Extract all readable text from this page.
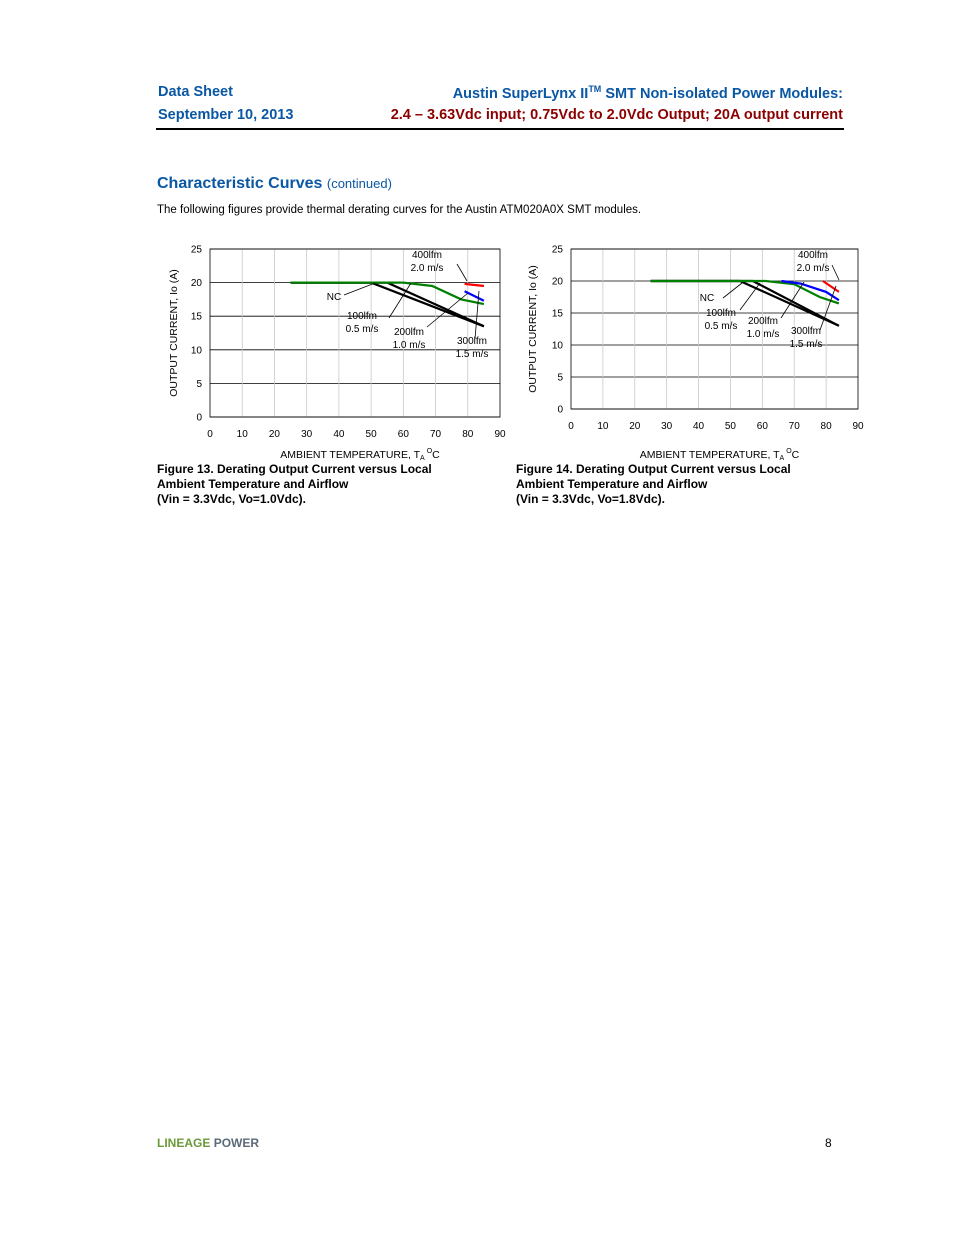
Data Sheet
September 10, 2013
Austin SuperLynx II™ SMT Non-isolated Power Modules:
2.4 – 3.63Vdc input; 0.75Vdc to 2.0Vdc Output; 20A output current
Characteristic Curves (continued)
The following figures provide thermal derating curves for the Austin ATM020A0X SMT modules.
0
5
10
15
20
25
0 10 20 30 40 50 60 70 80 90
400lfm
2.0 m/s
NC
100lfm
0.5 m/s 200lfm
1.0 m/s	300lfm
1.5 m/s
OUTPUT CURRENT, Io (A)
AMBIENT TEMPERATURE, $TA^OC$
0
5
10
15
20
25
0 10 20 30 40 50 60 70 80 90
400lfm
2.0 m/s
NC
100lfm
0.5 m/s 200lfm
1.0 m/s 300lfm
1.5 m/s
OUTPUT CURRENT, Io (A)
AMBIENT TEMPERATURE, $TA^OC$
Figure 13. Derating Output Current versus Local
Ambient Temperature and Airflow
(Vin = 3.3Vdc, Vo=1.0Vdc).
Figure 14. Derating Output Current versus Local
Ambient Temperature and Airflow
(Vin = 3.3Vdc, Vo=1.8Vdc).
LINEAGE POWER	8
